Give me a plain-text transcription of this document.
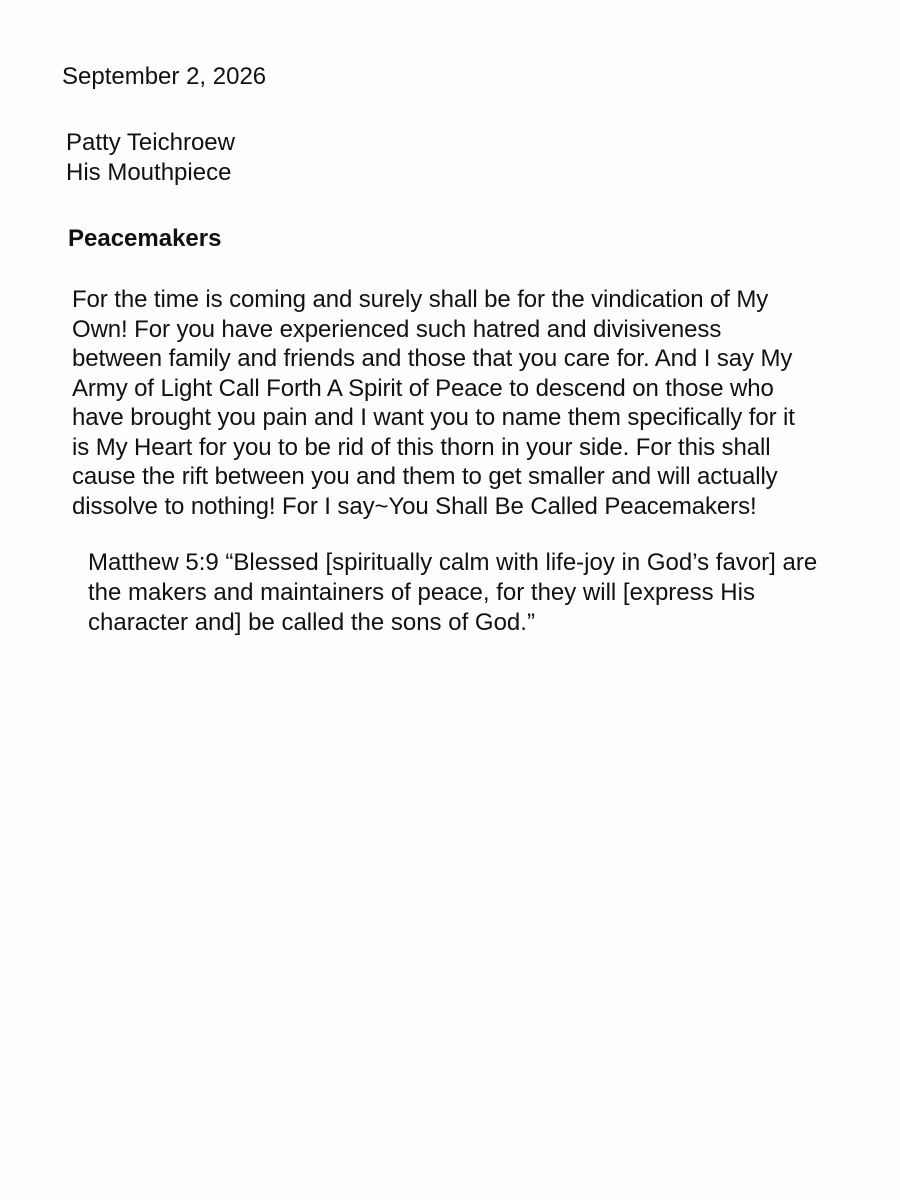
September 2, 2026
Patty Teichroew
His Mouthpiece
Peacemakers
For the time is coming and surely shall be for the vindication of My
Own! For you have experienced such hatred and divisiveness
between family and friends and those that you care for. And I say My
Army of Light Call Forth A Spirit of Peace to descend on those who
have brought you pain and I want you to name them specifically for it
is My Heart for you to be rid of this thorn in your side. For this shall
cause the rift between you and them to get smaller and will actually
dissolve to nothing! For I say~You Shall Be Called Peacemakers!
Matthew 5:9 “Blessed [spiritually calm with life-joy in God’s favor] are
the makers and maintainers of peace, for they will [express His
character and] be called the sons of God.”
